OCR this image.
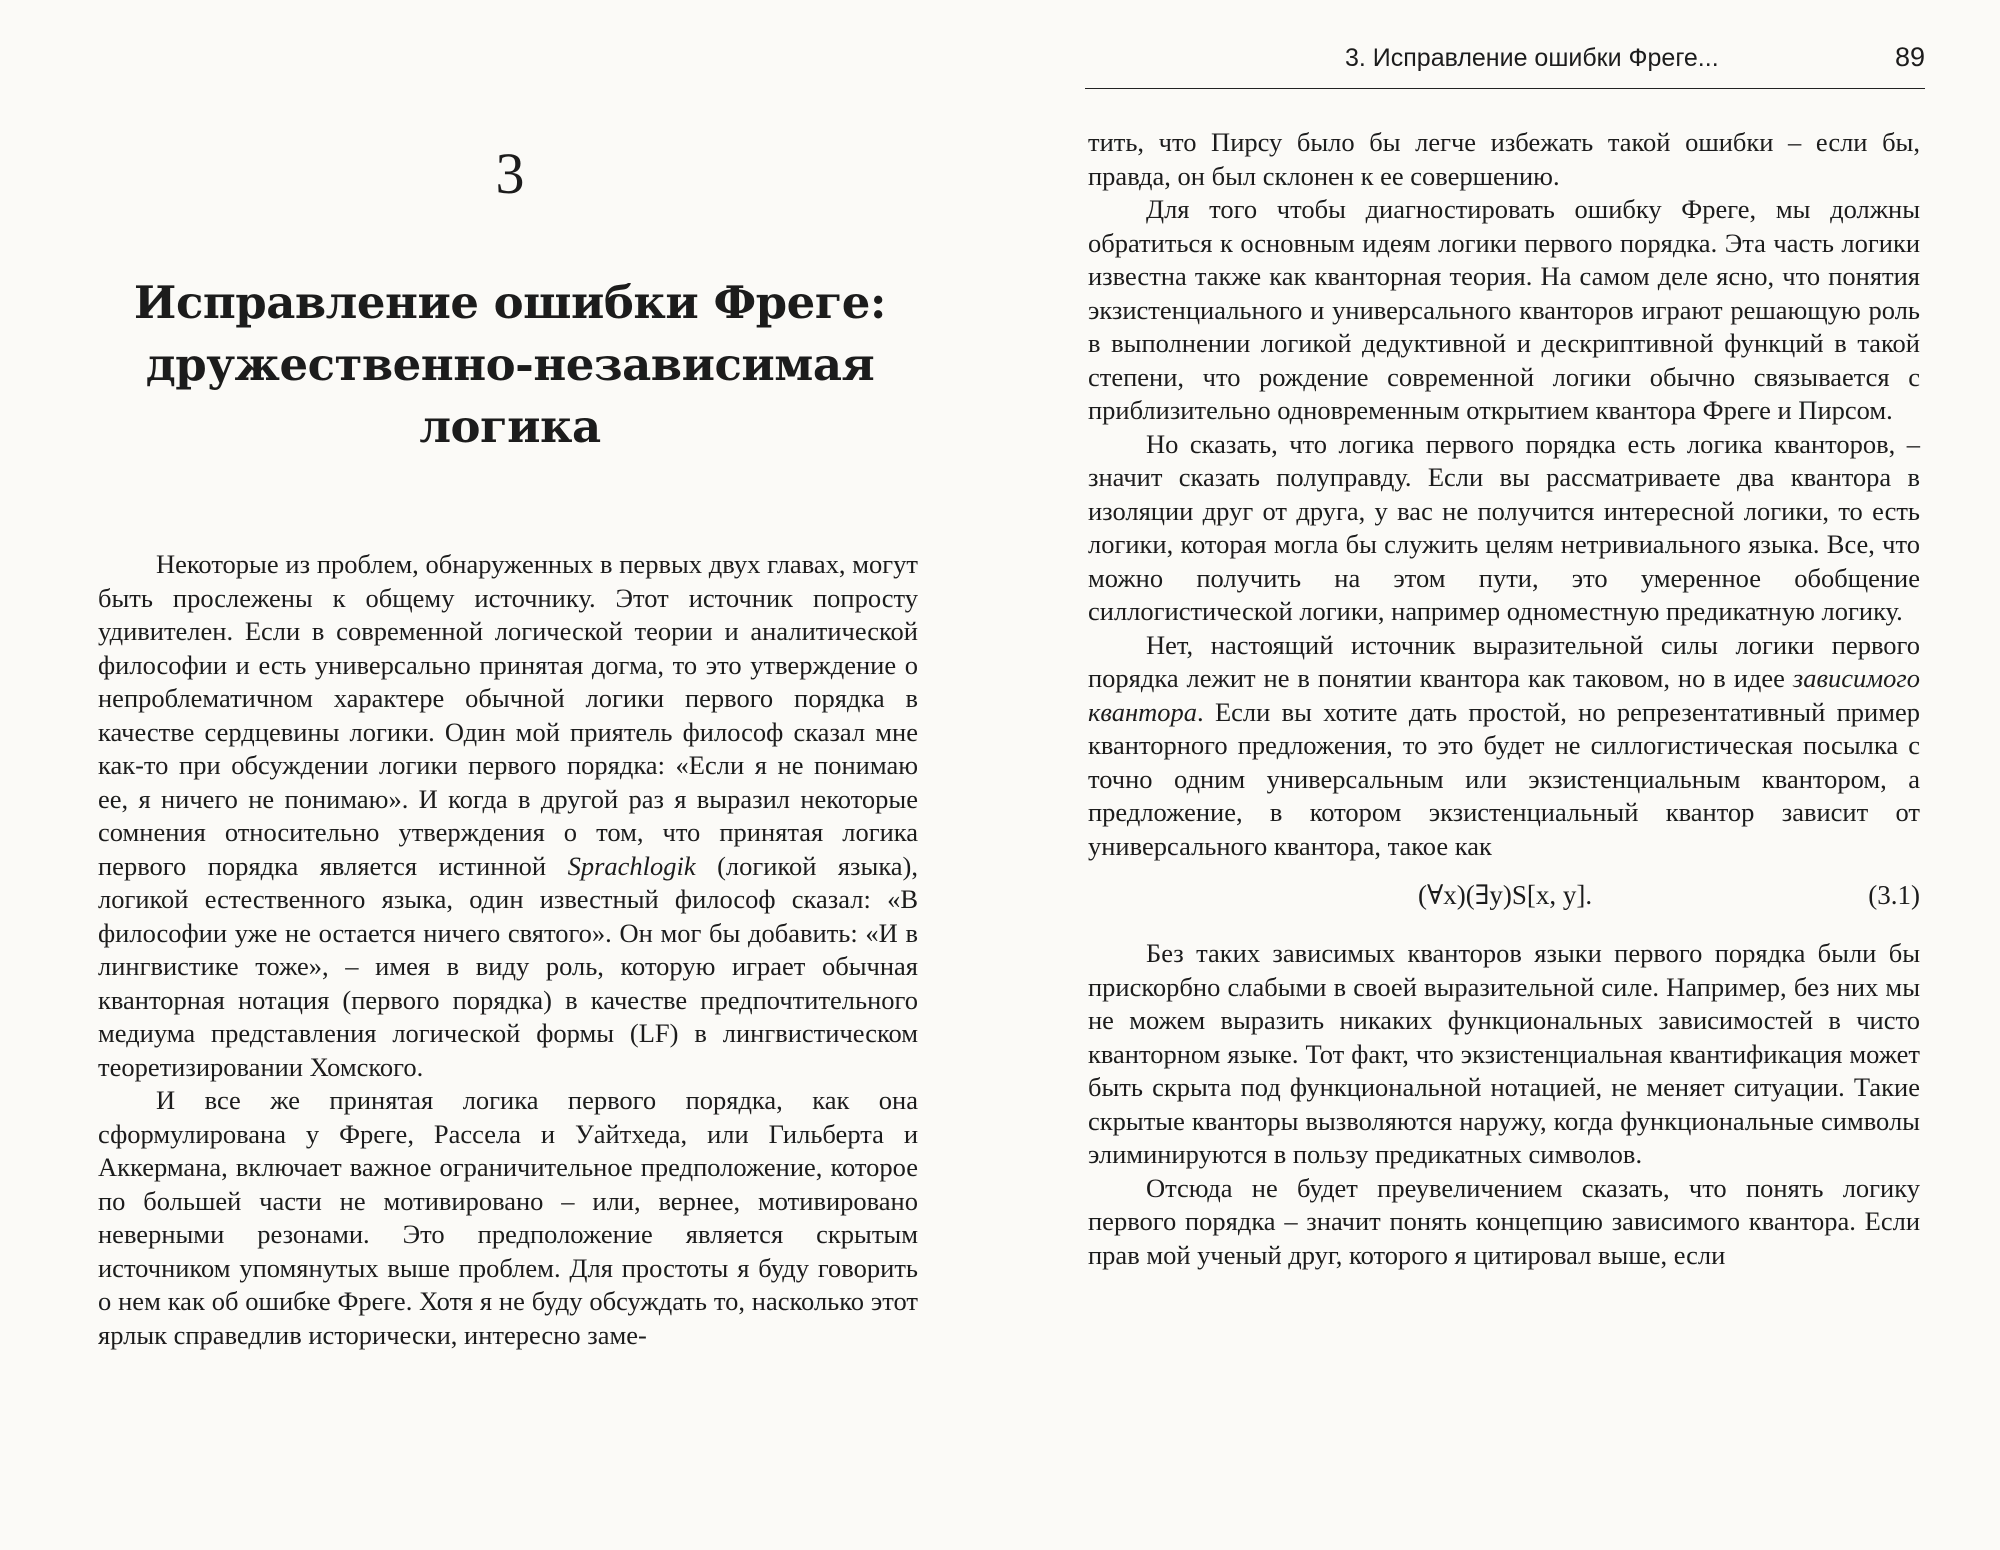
3
Исправление ошибки Фреге:
дружественно-независимая логика

Некоторые из проблем, обнаруженных в первых двух главах, могут быть прослежены к общему источнику. Этот источник попросту удивителен. Если в современной логической теории и аналитической философии и есть универсально принятая догма, то это утверждение о непроблематичном характере обычной логики первого порядка в качестве сердцевины логики. Один мой приятель философ сказал мне как-то при обсуждении логики первого порядка: «Если я не понимаю ее, я ничего не понимаю». И когда в другой раз я выразил некоторые сомнения относительно утверждения о том, что принятая логика первого порядка является истинной Sprachlogik (логикой языка), логикой естественного языка, один известный философ сказал: «В философии уже не остается ничего святого». Он мог бы добавить: «И в лингвистике тоже», – имея в виду роль, которую играет обычная кванторная нотация (первого порядка) в качестве предпочтительного медиума представления логической формы (LF) в лингвистическом теоретизировании Хомского.

И все же принятая логика первого порядка, как она сформулирована у Фреге, Рассела и Уайтхеда, или Гильберта и Аккермана, включает важное ограничительное предположение, которое по большей части не мотивировано – или, вернее, мотивировано неверными резонами. Это предположение является скрытым источником упомянутых выше проблем. Для простоты я буду говорить о нем как об ошибке Фреге. Хотя я не буду обсуждать то, насколько этот ярлык справедлив исторически, интересно заме-

3. Исправление ошибки Фреге...	89

тить, что Пирсу было бы легче избежать такой ошибки – если бы, правда, он был склонен к ее совершению.

Для того чтобы диагностировать ошибку Фреге, мы должны обратиться к основным идеям логики первого порядка. Эта часть логики известна также как кванторная теория. На самом деле ясно, что понятия экзистенциального и универсального кванторов играют решающую роль в выполнении логикой дедуктивной и дескриптивной функций в такой степени, что рождение современной логики обычно связывается с приблизительно одновременным открытием квантора Фреге и Пирсом.

Но сказать, что логика первого порядка есть логика кванторов, – значит сказать полуправду. Если вы рассматриваете два квантора в изоляции друг от друга, у вас не получится интересной логики, то есть логики, которая могла бы служить целям нетривиального языка. Все, что можно получить на этом пути, это умеренное обобщение силлогистической логики, например одноместную предикатную логику.

Нет, настоящий источник выразительной силы логики первого порядка лежит не в понятии квантора как таковом, но в идее зависимого квантора. Если вы хотите дать простой, но репрезентативный пример кванторного предложения, то это будет не силлогистическая посылка с точно одним универсальным или экзистенциальным квантором, а предложение, в котором экзистенциальный квантор зависит от универсального квантора, такое как

(∀x)(∃y)S[x, y].	(3.1)

Без таких зависимых кванторов языки первого порядка были бы прискорбно слабыми в своей выразительной силе. Например, без них мы не можем выразить никаких функциональных зависимостей в чисто кванторном языке. Тот факт, что экзистенциальная квантификация может быть скрыта под функциональной нотацией, не меняет ситуации. Такие скрытые кванторы вызволяются наружу, когда функциональные символы элиминируются в пользу предикатных символов.

Отсюда не будет преувеличением сказать, что понять логику первого порядка – значит понять концепцию зависимого квантора. Если прав мой ученый друг, которого я цитировал выше, если
